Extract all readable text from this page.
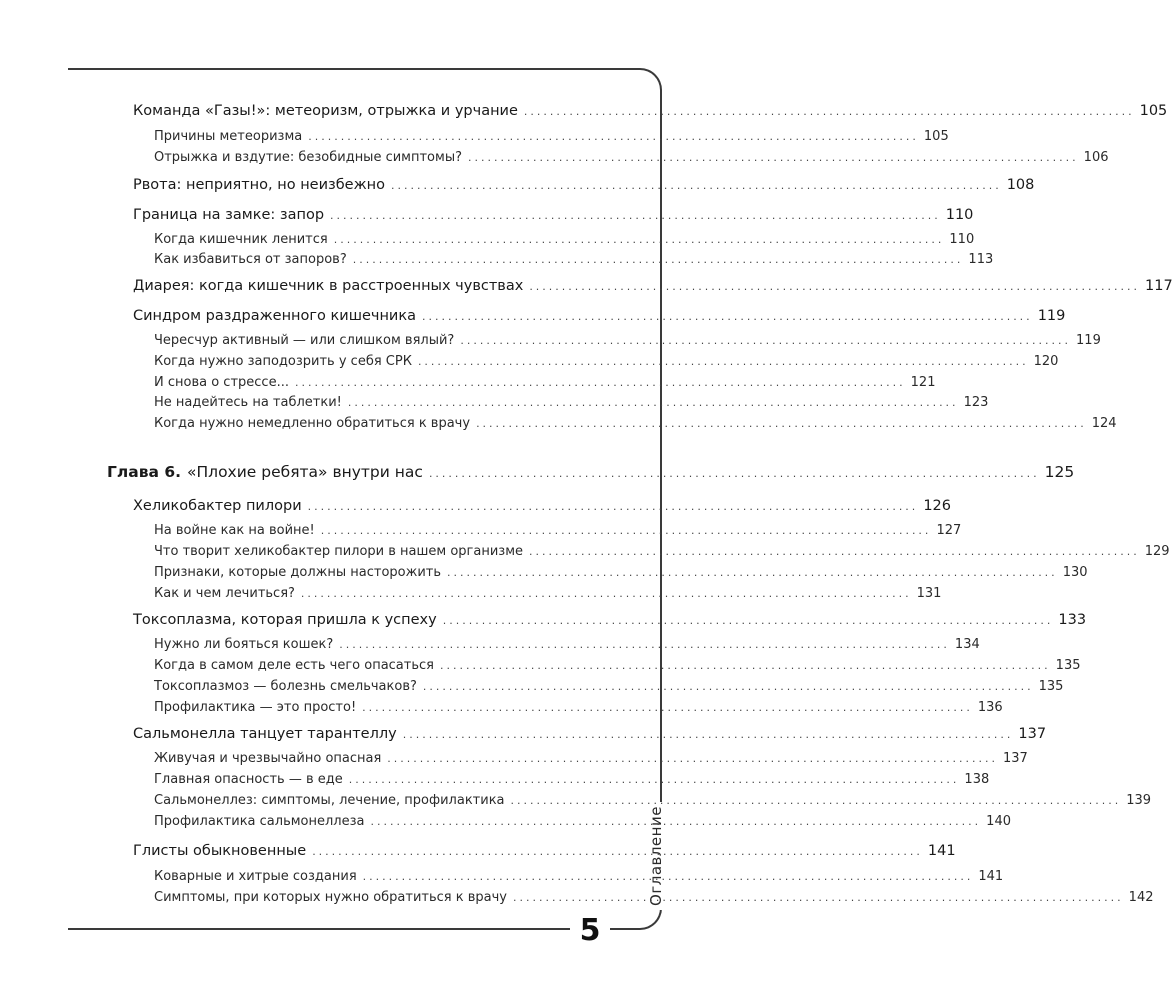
Оглавление
5
Команда «Газы!»: метеоризм, отрыжка и урчание .............................................................................................. 105
Причины метеоризма .............................................................................................. 105
Отрыжка и вздутие: безобидные симптомы? .............................................................................................. 106
Рвота: неприятно, но неизбежно .............................................................................................. 108
Граница на замке: запор .............................................................................................. 110
Когда кишечник ленится .............................................................................................. 110
Как избавиться от запоров? .............................................................................................. 113
Диарея: когда кишечник в расстроенных чувствах .............................................................................................. 117
Синдром раздраженного кишечника .............................................................................................. 119
Чересчур активный — или слишком вялый? .............................................................................................. 119
Когда нужно заподозрить у себя СРК .............................................................................................. 120
И снова о стрессе... .............................................................................................. 121
Не надейтесь на таблетки! .............................................................................................. 123
Когда нужно немедленно обратиться к врачу .............................................................................................. 124
Глава 6. «Плохие ребята» внутри нас .............................................................................................. 125
Хеликобактер пилори .............................................................................................. 126
На войне как на войне! .............................................................................................. 127
Что творит хеликобактер пилори в нашем организме .............................................................................................. 129
Признаки, которые должны насторожить .............................................................................................. 130
Как и чем лечиться? .............................................................................................. 131
Токсоплазма, которая пришла к успеху .............................................................................................. 133
Нужно ли бояться кошек? .............................................................................................. 134
Когда в самом деле есть чего опасаться .............................................................................................. 135
Токсоплазмоз — болезнь смельчаков? .............................................................................................. 135
Профилактика — это просто! .............................................................................................. 136
Сальмонелла танцует тарантеллу .............................................................................................. 137
Живучая и чрезвычайно опасная .............................................................................................. 137
Главная опасность — в еде .............................................................................................. 138
Сальмонеллез: симптомы, лечение, профилактика .............................................................................................. 139
Профилактика сальмонеллеза .............................................................................................. 140
Глисты обыкновенные .............................................................................................. 141
Коварные и хитрые создания .............................................................................................. 141
Симптомы, при которых нужно обратиться к врачу .............................................................................................. 142
